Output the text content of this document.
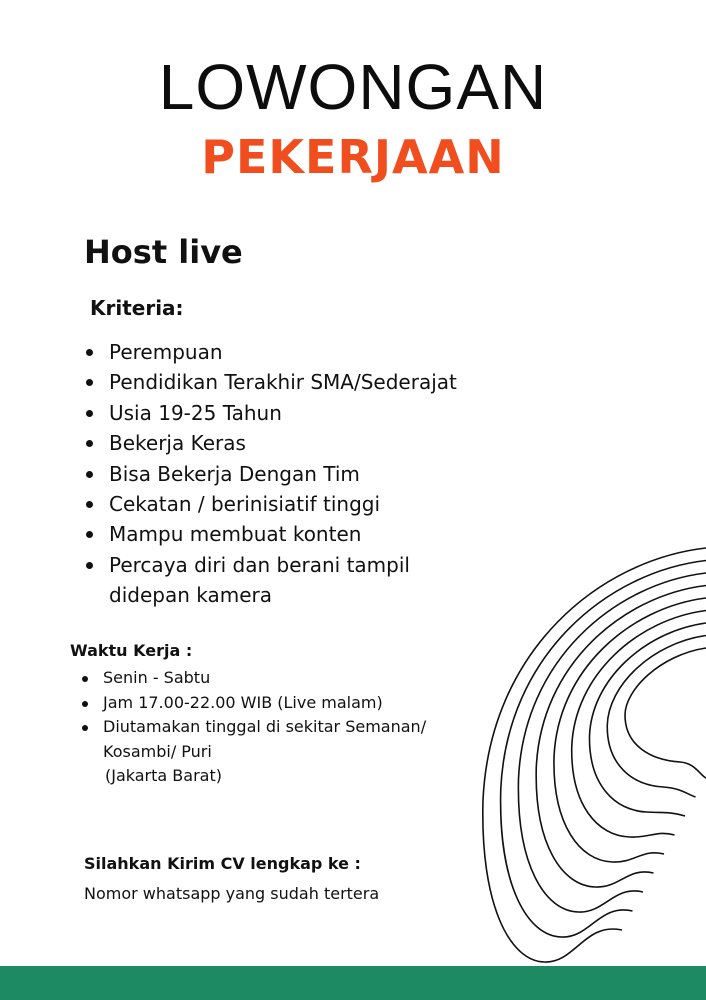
LOWONGAN
PEKERJAAN
Host live
Kriteria:
Perempuan
Pendidikan Terakhir SMA/Sederajat
Usia 19-25 Tahun
Bekerja Keras
Bisa Bekerja Dengan Tim
Cekatan / berinisiatif tinggi
Mampu membuat konten
Percaya diri dan berani tampil didepan kamera
Waktu Kerja :
Senin - Sabtu
Jam 17.00-22.00 WIB (Live malam)
Diutamakan tinggal di sekitar Semanan/
Kosambi/ Puri
(Jakarta Barat)
Silahkan Kirim CV lengkap ke :
Nomor whatsapp yang sudah tertera
